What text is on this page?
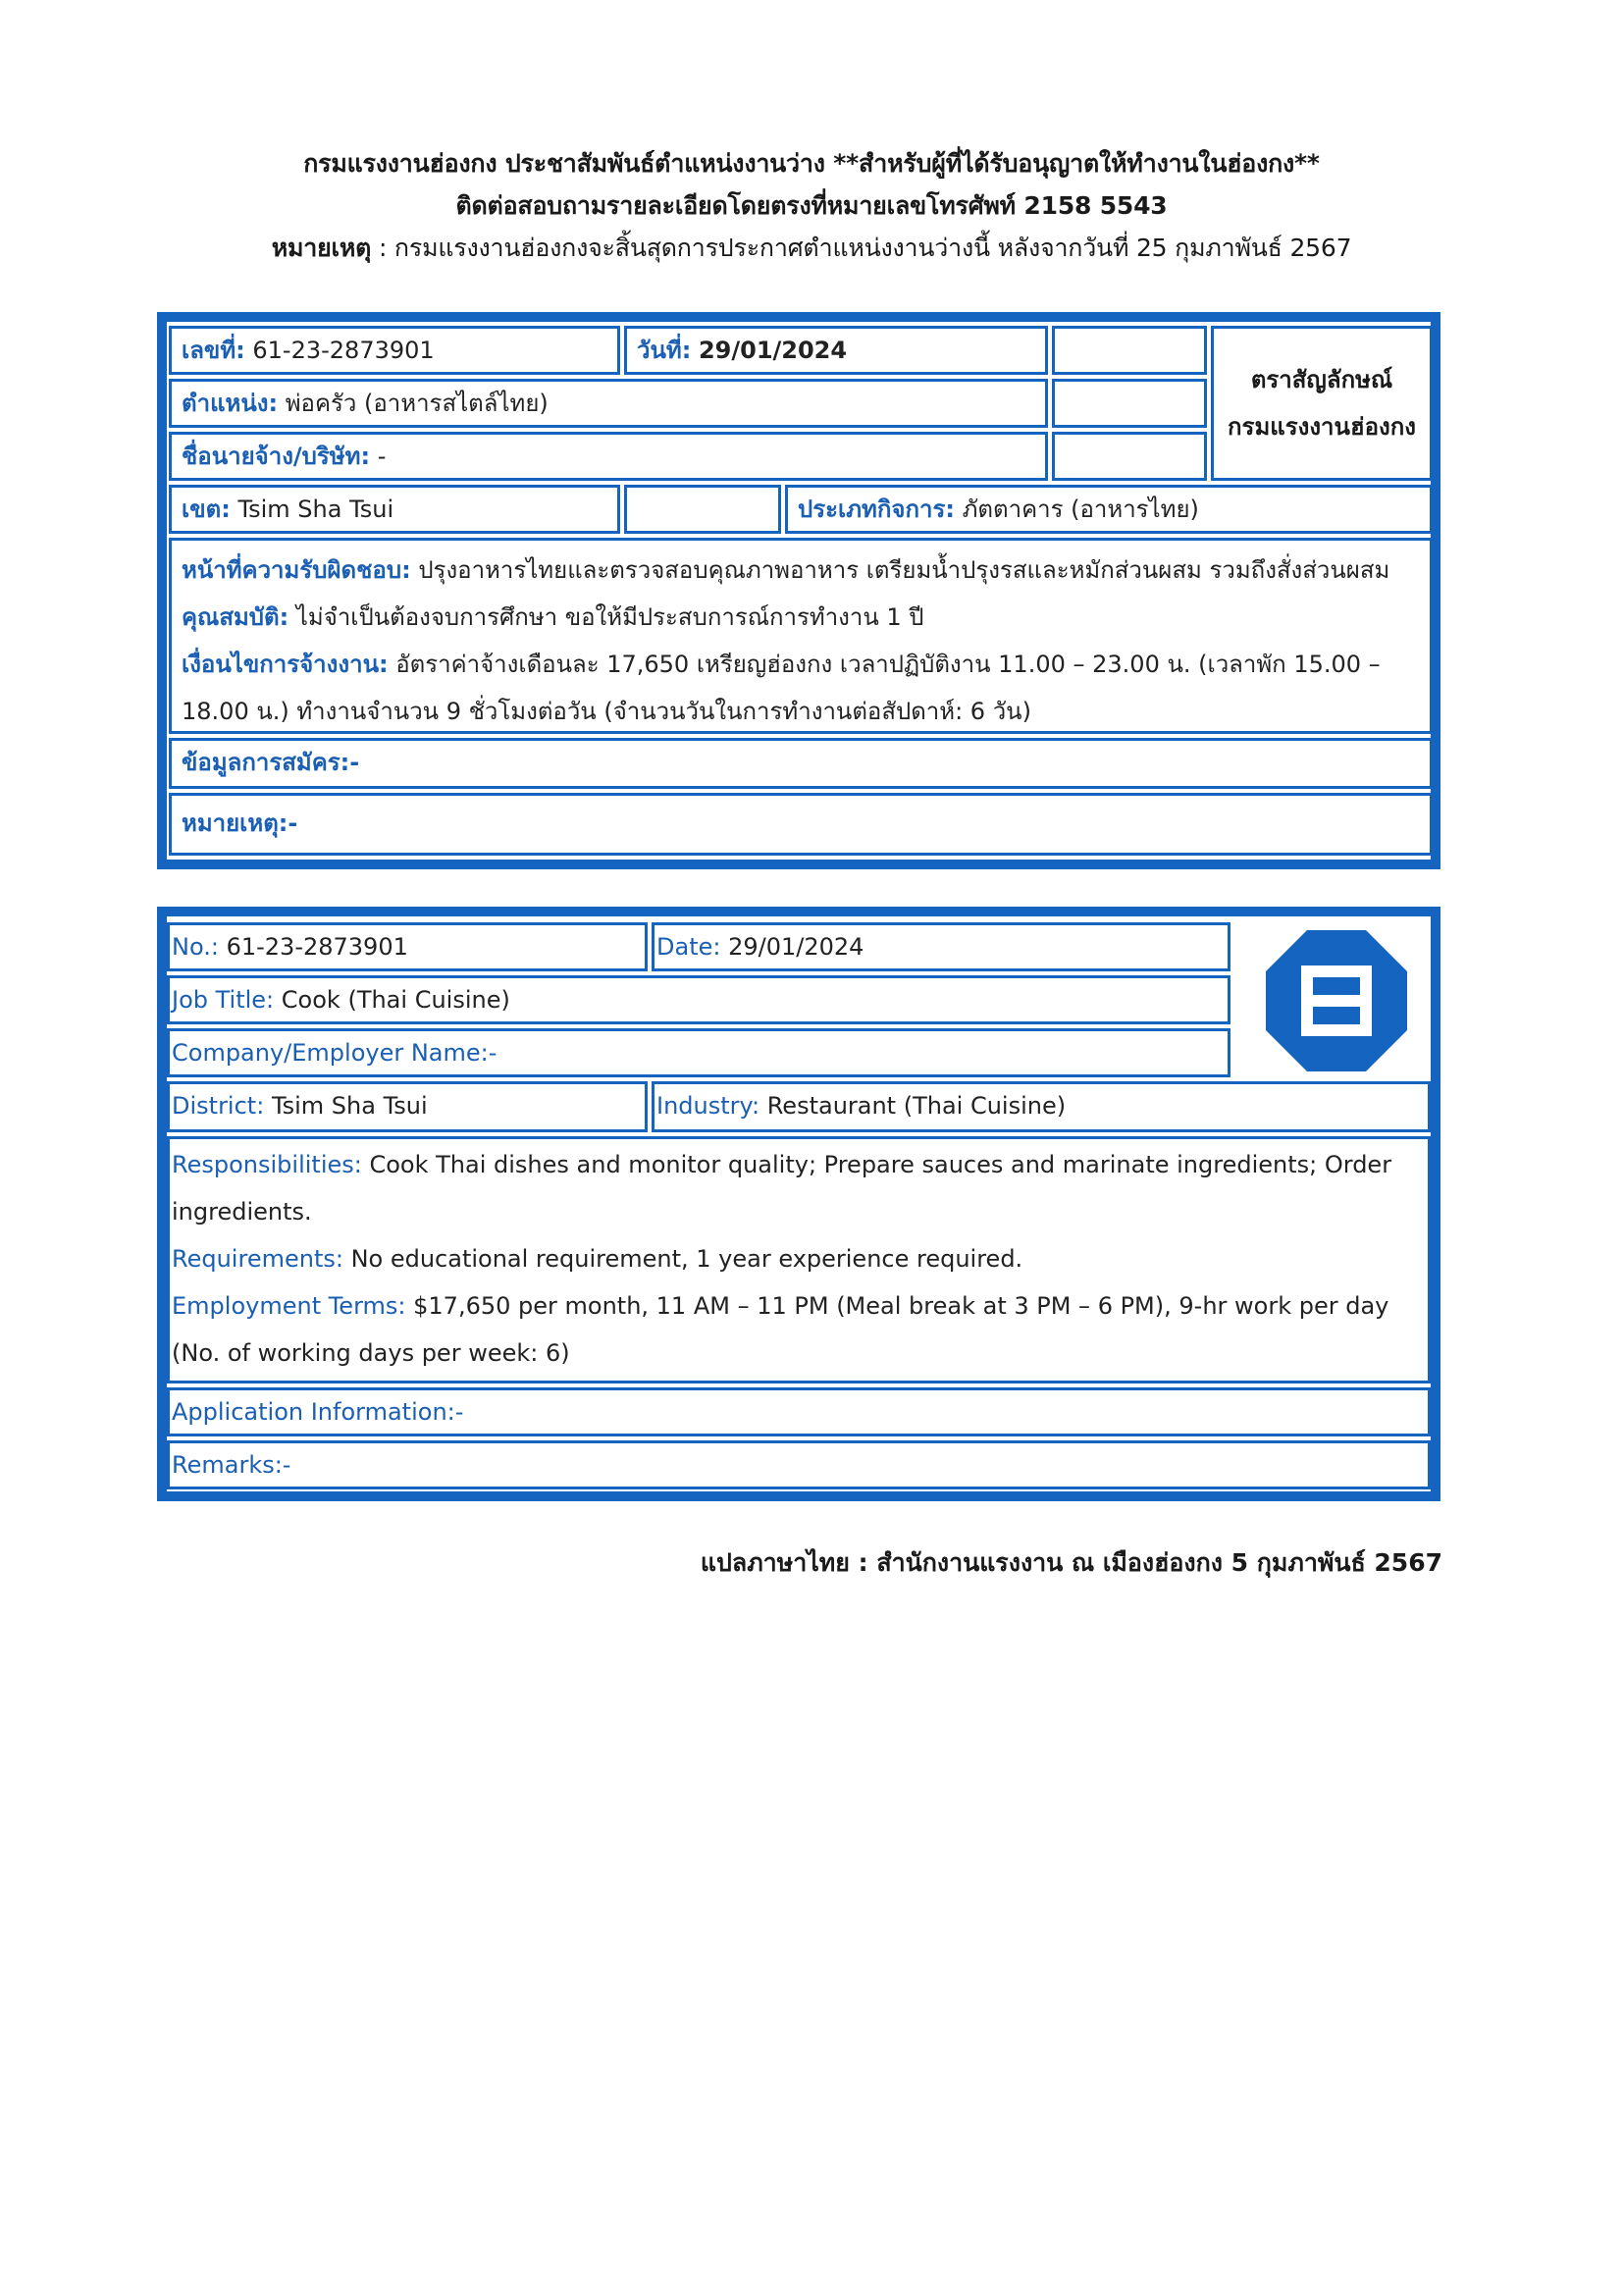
กรมแรงงานฮ่องกง ประชาสัมพันธ์ตำแหน่งงานว่าง **สำหรับผู้ที่ได้รับอนุญาตให้ทำงานในฮ่องกง**
ติดต่อสอบถามรายละเอียดโดยตรงที่หมายเลขโทรศัพท์ 2158 5543
หมายเหตุ : กรมแรงงานฮ่องกงจะสิ้นสุดการประกาศตำแหน่งงานว่างนี้ หลังจากวันที่ 25 กุมภาพันธ์ 2567
เลขที่: 61-23-2873901	วันที่: 29/01/2024
ตำแหน่ง: พ่อครัว (อาหารสไตล์ไทย)
ชื่อนายจ้าง/บริษัท: -
ตราสัญลักษณ์
กรมแรงงานฮ่องกง
เขต: Tsim Sha Tsui	ประเภทกิจการ: ภัตตาคาร (อาหารไทย)

หน้าที่ความรับผิดชอบ: ปรุงอาหารไทยและตรวจสอบคุณภาพอาหาร เตรียมน้ำปรุงรสและหมักส่วนผสม รวมถึงสั่งส่วนผสม

คุณสมบัติ: ไม่จำเป็นต้องจบการศึกษา ขอให้มีประสบการณ์การทำงาน 1 ปี

เงื่อนไขการจ้างงาน: อัตราค่าจ้างเดือนละ 17,650 เหรียญฮ่องกง เวลาปฏิบัติงาน 11.00 – 23.00 น. (เวลาพัก 15.00 – 18.00 น.) ทำงานจำนวน 9 ชั่วโมงต่อวัน (จำนวนวันในการทำงานต่อสัปดาห์: 6 วัน)

ข้อมูลการสมัคร:-
หมายเหตุ:-
No.: 61-23-2873901	Date: 29/01/2024
Job Title: Cook (Thai Cuisine)
Company/Employer Name:-
District: Tsim Sha Tsui	Industry: Restaurant (Thai Cuisine)

Responsibilities: Cook Thai dishes and monitor quality; Prepare sauces and marinate ingredients; Order ingredients.

Requirements: No educational requirement, 1 year experience required.

Employment Terms: $17,650 per month, 11 AM – 11 PM (Meal break at 3 PM – 6 PM), 9-hr work per day (No. of working days per week: 6)

Application Information:-
Remarks:-
แปลภาษาไทย : สำนักงานแรงงาน ณ เมืองฮ่องกง 5 กุมภาพันธ์ 2567
